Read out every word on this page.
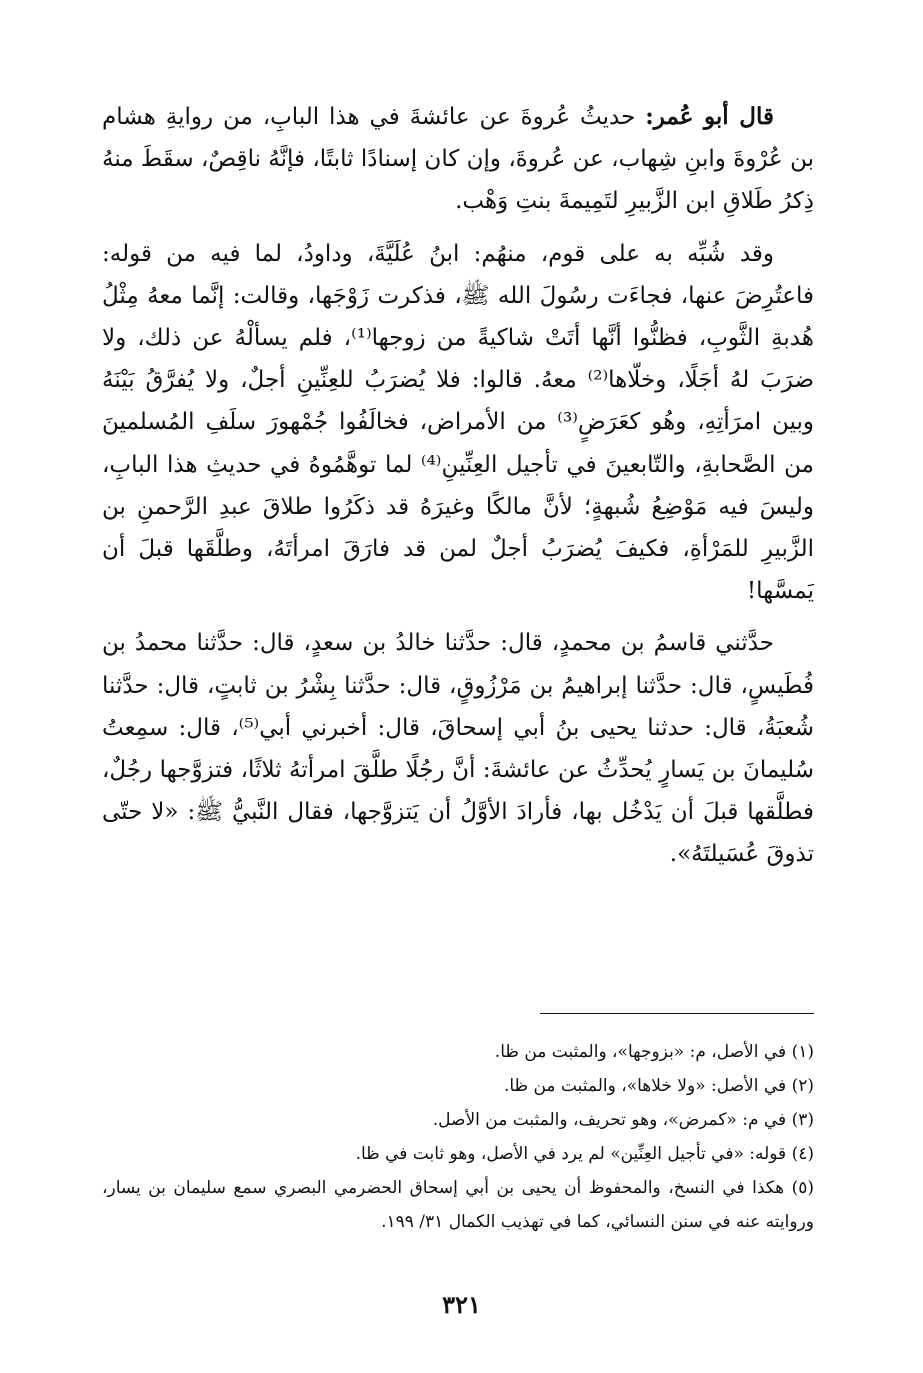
قال أبو عُمر: حديثُ عُروةَ عن عائشةَ في هذا البابِ، من روايةِ هشام بن عُرْوةَ وابنِ شِهاب، عن عُروةَ، وإن كان إسنادًا ثابتًا، فإنَّهُ ناقِصٌ، سقَطَ منهُ ذِكرُ طَلاقِ ابن الزَّبيرِ لتَمِيمةَ بنتِ وَهْب.

وقد شُبِّه به على قوم، منهُم: ابنُ عُلَيَّةَ، وداودُ، لما فيه من قوله: فاعتُرِضَ عنها، فجاءَت رسُولَ الله ﷺ، فذكرت زَوْجَها، وقالت: إنَّما معهُ مِثْلُ هُدبةِ الثَّوبِ، فظنُّوا أنَّها أتَتْ شاكيةً من زوجها⁽¹⁾، فلم يسألْهُ عن ذلك، ولا ضرَبَ لهُ أجَلًا، وخلّاها⁽²⁾ معهُ. قالوا: فلا يُضرَبُ للعِنِّينِ أجلٌ، ولا يُفرَّقُ بَيْنَهُ وبين امرَأتِهِ، وهُو كعَرَضٍ⁽³⁾ من الأمراض، فخالَفُوا جُمْهورَ سلَفِ المُسلمينَ من الصَّحابةِ، والتّابعينَ في تأجيل العِنِّينِ⁽⁴⁾ لما توهَّمُوهُ في حديثِ هذا البابِ، وليسَ فيه مَوْضِعُ شُبهةٍ؛ لأنَّ مالكًا وغيرَهُ قد ذكَرُوا طلاقَ عبدِ الرَّحمنِ بن الزَّبيرِ للمَرْأةِ، فكيفَ يُضرَبُ أجلٌ لمن قد فارَقَ امرأتَهُ، وطلَّقَها قبلَ أن يَمسَّها!

حدَّثني قاسمُ بن محمدٍ، قال: حدَّثنا خالدُ بن سعدٍ، قال: حدَّثنا محمدُ بن فُطَيسٍ، قال: حدَّثنا إبراهيمُ بن مَرْزُوقٍ، قال: حدَّثنا بِشْرُ بن ثابتٍ، قال: حدَّثنا شُعبَةُ، قال: حدثنا يحيى بنُ أبي إسحاقَ، قال: أخبرني أبي⁽⁵⁾، قال: سمِعتُ سُليمانَ بن يَسارٍ يُحدِّثُ عن عائشةَ: أنَّ رجُلًا طلَّقَ امرأتهُ ثلاثًا، فتزوَّجها رجُلٌ، فطلَّقها قبلَ أن يَدْخُل بها، فأرادَ الأوَّلُ أن يَتزوَّجها، فقال النَّبيُّ ﷺ: «لا حتّى تذوقَ عُسَيلتَهُ».

(١) في الأصل، م: «بزوجها»، والمثبت من ظا.

(٢) في الأصل: «ولا خلاها»، والمثبت من ظا.

(٣) في م: «كمرض»، وهو تحريف، والمثبت من الأصل.

(٤) قوله: «في تأجيل العِنِّين» لم يرد في الأصل، وهو ثابت في ظا.

(٥) هكذا في النسخ، والمحفوظ أن يحيى بن أبي إسحاق الحضرمي البصري سمع سليمان بن يسار، وروايته عنه في سنن النسائي، كما في تهذيب الكمال ٣١/ ١٩٩.

٣٢١
